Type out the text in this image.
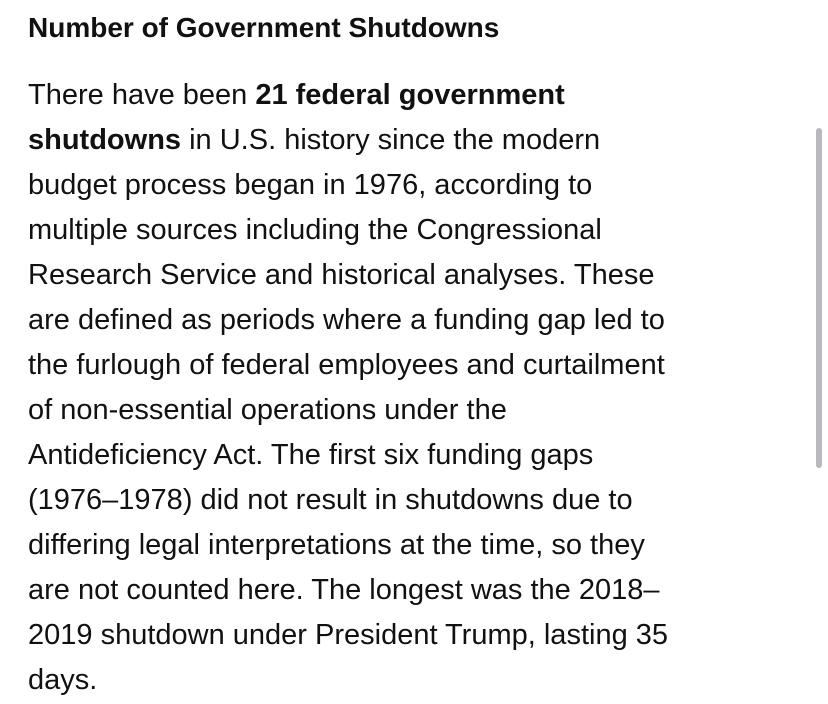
Number of Government Shutdowns

There have been 21 federal government
shutdowns in U.S. history since the modern
budget process began in 1976, according to
multiple sources including the Congressional
Research Service and historical analyses. These
are defined as periods where a funding gap led to
the furlough of federal employees and curtailment
of non-essential operations under the
Antideficiency Act. The first six funding gaps
(1976–1978) did not result in shutdowns due to
differing legal interpretations at the time, so they
are not counted here. The longest was the 2018–
2019 shutdown under President Trump, lasting 35
days.
